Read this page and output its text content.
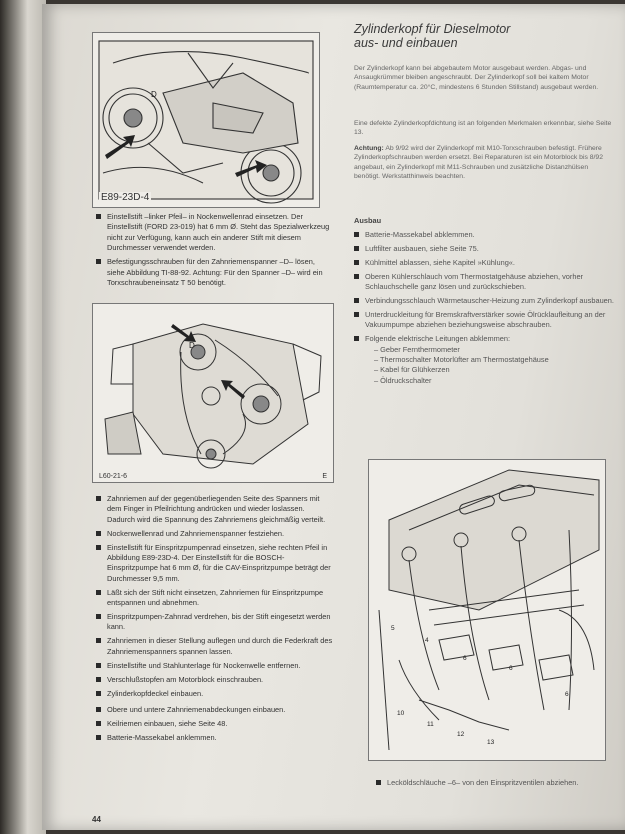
D
E89-23D-4
Einstellstift –linker Pfeil– in Nockenwellenrad einsetzen. Der Einstellstift (FORD 23-019) hat 6 mm Ø. Steht das Spezialwerkzeug nicht zur Verfügung, kann auch ein anderer Stift mit diesem Durchmesser verwendet werden.
Befestigungsschrauben für den Zahnriemenspanner –D– lösen, siehe Abbildung TI-88-92. Achtung: Für den Spanner –D– wird ein Torxschraubeneinsatz T 50 benötigt.
D
L60-21-6	E
Zahnriemen auf der gegenüberliegenden Seite des Spanners mit dem Finger in Pfeilrichtung andrücken und wieder loslassen. Dadurch wird die Spannung des Zahnriemens gleichmäßig verteilt.
Nockenwellenrad und Zahnriemenspanner festziehen.
Einstellstift für Einspritzpumpenrad einsetzen, siehe rechten Pfeil in Abbildung E89-23D-4. Der Einstellstift für die BOSCH-Einspritzpumpe hat 6 mm Ø, für die CAV-Einspritzpumpe beträgt der Durchmesser 9,5 mm.
Läßt sich der Stift nicht einsetzen, Zahnriemen für Einspritzpumpe entspannen und abnehmen.
Einspritzpumpen-Zahnrad verdrehen, bis der Stift eingesetzt werden kann.
Zahnriemen in dieser Stellung auflegen und durch die Federkraft des Zahnriemenspanners spannen lassen.
Einstellstifte und Stahlunterlage für Nockenwelle entfernen.
Verschlußstopfen am Motorblock einschrauben.
Zylinderkopfdeckel einbauen.
Obere und untere Zahnriemenabdeckungen einbauen.
Keilriemen einbauen, siehe Seite 48.
Batterie-Massekabel anklemmen.
44
Zylinderkopf für Dieselmotor
aus- und einbauen

Der Zylinderkopf kann bei abgebautem Motor ausgebaut werden. Abgas- und Ansaugkrümmer bleiben angeschraubt. Der Zylinderkopf soll bei kaltem Motor (Raumtemperatur ca. 20°C, mindestens 6 Stunden Stillstand) ausgebaut werden.

Eine defekte Zylinderkopfdichtung ist an folgenden Merkmalen erkennbar, siehe Seite 13.

Achtung: Ab 9/92 wird der Zylinderkopf mit M10-Torxschrauben befestigt. Frühere Zylinderkopfschrauben werden ersetzt. Bei Reparaturen ist ein Motorblock bis 8/92 angebaut, ein Zylinderkopf mit M11-Schrauben und zusätzliche Distanzhülsen benötigt. Werkstatthinweis beachten.

Ausbau
Batterie-Massekabel abklemmen.
Luftfilter ausbauen, siehe Seite 75.
Kühlmittel ablassen, siehe Kapitel »Kühlung«.
Oberen Kühlerschlauch vom Thermostatgehäuse abziehen, vorher Schlauchschelle ganz lösen und zurückschieben.
Verbindungsschlauch Wärmetauscher-Heizung zum Zylinderkopf ausbauen.
Unterdruckleitung für Bremskraftverstärker sowie Ölrücklaufleitung an der Vakuumpumpe abziehen beziehungsweise abschrauben.
Folgende elektrische Leitungen abklemmen:
– Geber Fernthermometer
– Thermoschalter Motorlüfter am Thermostatgehäuse
– Kabel für Glühkerzen
– Öldruckschalter
5
4
6
6
10
11
12
13
6
Lecköldschläuche –6– von den Einspritzventilen abziehen.
